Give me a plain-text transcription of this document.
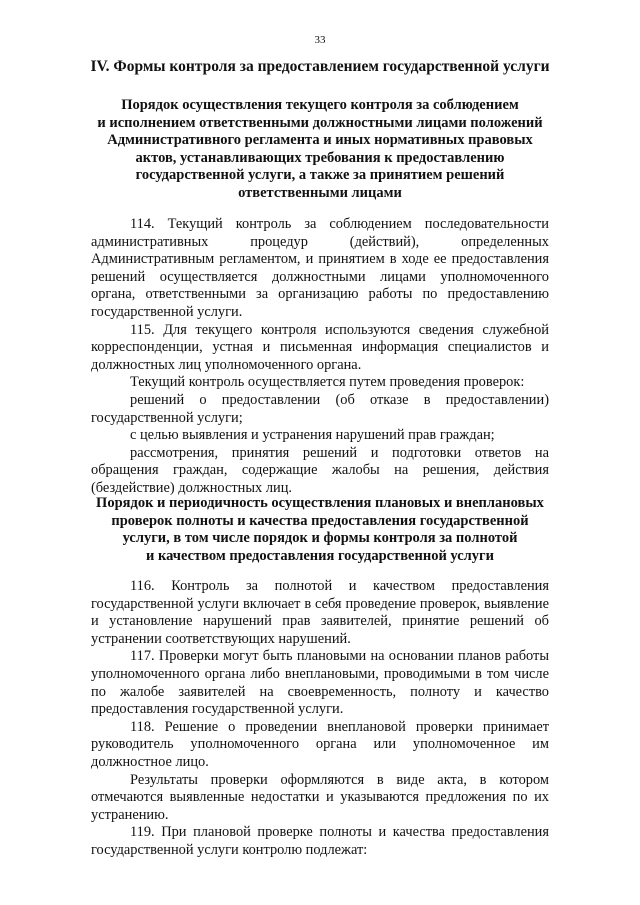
33
IV. Формы контроля за предоставлением государственной услуги
Порядок осуществления текущего контроля за соблюдением
и исполнением ответственными должностными лицами положений
Административного регламента и иных нормативных правовых
актов, устанавливающих требования к предоставлению
государственной услуги, а также за принятием решений
ответственными лицами

114. Текущий контроль за соблюдением последовательности административных процедур (действий), определенных Административным регламентом, и принятием в ходе ее предоставления решений осуществляется должностными лицами уполномоченного органа, ответственными за организацию работы по предоставлению государственной услуги.

115. Для текущего контроля используются сведения служебной корреспонденции, устная и письменная информация специалистов и должностных лиц уполномоченного органа.

Текущий контроль осуществляется путем проведения проверок:

решений о предоставлении (об отказе в предоставлении) государственной услуги;

с целью выявления и устранения нарушений прав граждан;

рассмотрения, принятия решений и подготовки ответов на обращения граждан, содержащие жалобы на решения, действия (бездействие) должностных лиц.

Порядок и периодичность осуществления плановых и внеплановых
проверок полноты и качества предоставления государственной
услуги, в том числе порядок и формы контроля за полнотой
и качеством предоставления государственной услуги

116. Контроль за полнотой и качеством предоставления государственной услуги включает в себя проведение проверок, выявление и установление нарушений прав заявителей, принятие решений об устранении соответствующих нарушений.

117. Проверки могут быть плановыми на основании планов работы уполномоченного органа либо внеплановыми, проводимыми в том числе по жалобе заявителей на своевременность, полноту и качество предоставления государственной услуги.

118. Решение о проведении внеплановой проверки принимает руководитель уполномоченного органа или уполномоченное им должностное лицо.

Результаты проверки оформляются в виде акта, в котором отмечаются выявленные недостатки и указываются предложения по их устранению.

119. При плановой проверке полноты и качества предоставления государственной услуги контролю подлежат:
